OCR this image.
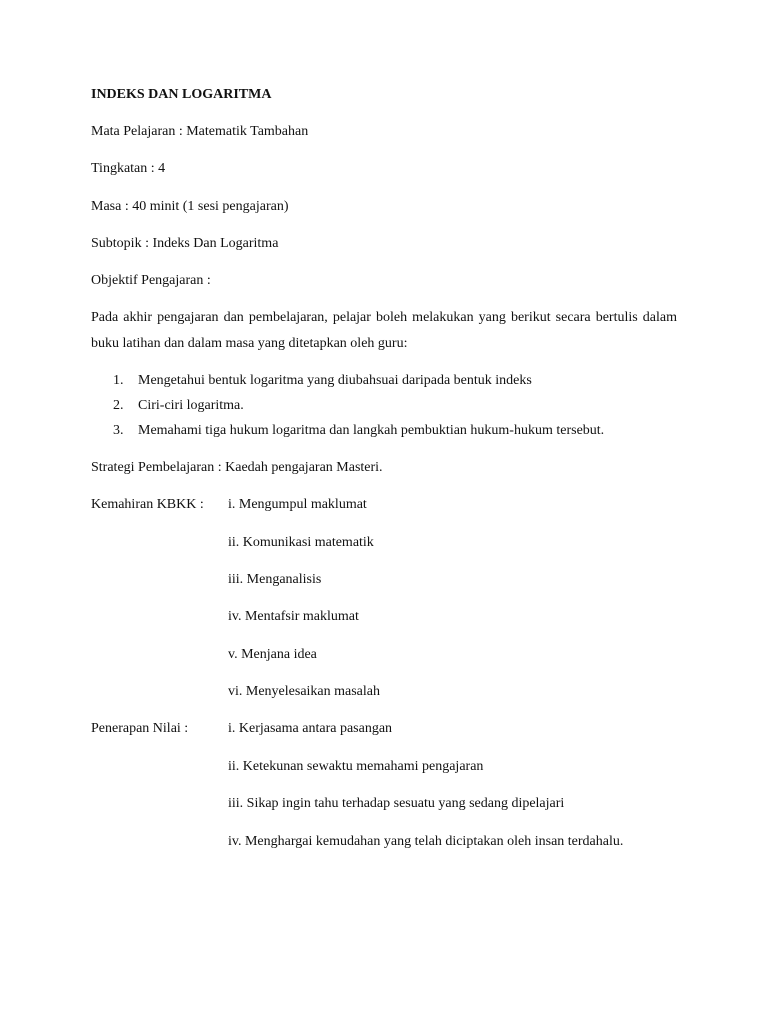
INDEKS DAN LOGARITMA
Mata Pelajaran : Matematik Tambahan
Tingkatan : 4
Masa : 40 minit (1 sesi pengajaran)
Subtopik : Indeks Dan Logaritma
Objektif Pengajaran :
Pada akhir pengajaran dan pembelajaran, pelajar boleh melakukan yang berikut secara bertulis dalam buku latihan dan dalam masa yang ditetapkan oleh guru:
1. Mengetahui bentuk logaritma yang diubahsuai daripada bentuk indeks
2. Ciri-ciri logaritma.
3. Memahami tiga hukum logaritma dan langkah pembuktian hukum-hukum tersebut.
Strategi Pembelajaran : Kaedah pengajaran Masteri.
Kemahiran KBKK : i. Mengumpul maklumat
ii. Komunikasi matematik
iii. Menganalisis
iv. Mentafsir maklumat
v. Menjana idea
vi. Menyelesaikan masalah
Penerapan Nilai :	i. Kerjasama antara pasangan
ii. Ketekunan sewaktu memahami pengajaran
iii. Sikap ingin tahu terhadap sesuatu yang sedang dipelajari
iv. Menghargai kemudahan yang telah diciptakan oleh insan terdahalu.
